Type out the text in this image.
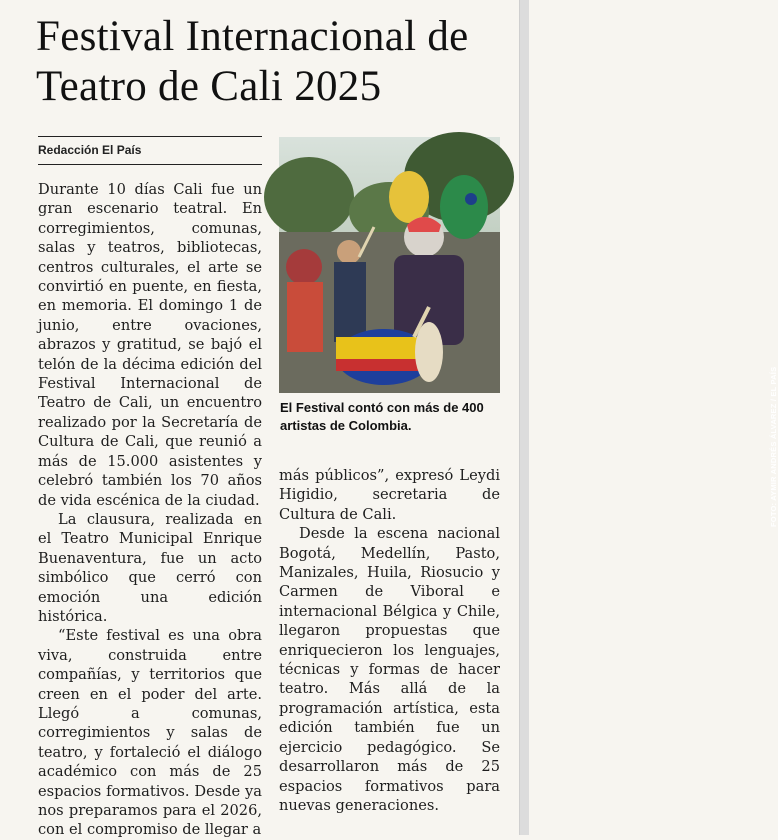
Festival Internacional de Teatro de Cali 2025
Redacción El País

Durante 10 días Cali fue un gran escenario teatral. En corregimientos, comunas, salas y teatros, bibliotecas, centros culturales, el arte se convirtió en puente, en fiesta, en memoria. El domingo 1 de junio, entre ovaciones, abrazos y gratitud, se bajó el telón de la décima edición del Festival Internacional de Teatro de Cali, un encuentro realizado por la Secretaría de Cultura de Cali, que reunió a más de 15.000 asistentes y celebró también los 70 años de vida escénica de la ciudad.

La clausura, realizada en el Teatro Municipal Enrique Buenaventura, fue un acto simbólico que cerró con emoción una edición histórica.

“Este festival es una obra viva, construida entre compañías, y territorios que creen en el poder del arte. Llegó a comunas, corregimientos y salas de teatro, y fortaleció el diálogo académico con más de 25 espacios formativos. Desde ya nos preparamos para el 2026, con el compromiso de llegar a

FOTO: AYMIR ANDRÉS ÁLVAREZ / EL PAÍS
El Festival contó con más de 400 artistas de Colombia.

más públicos”, expresó Leydi Higidio, secretaria de Cultura de Cali.

Desde la escena nacional Bogotá, Medellín, Pasto, Manizales, Huila, Riosucio y Carmen de Viboral e internacional Bélgica y Chile, llegaron propuestas que enriquecieron los lenguajes, técnicas y formas de hacer teatro. Más allá de la programación artística, esta edición también fue un ejercicio pedagógico. Se desarrollaron más de 25 espacios formativos para nuevas generaciones.
